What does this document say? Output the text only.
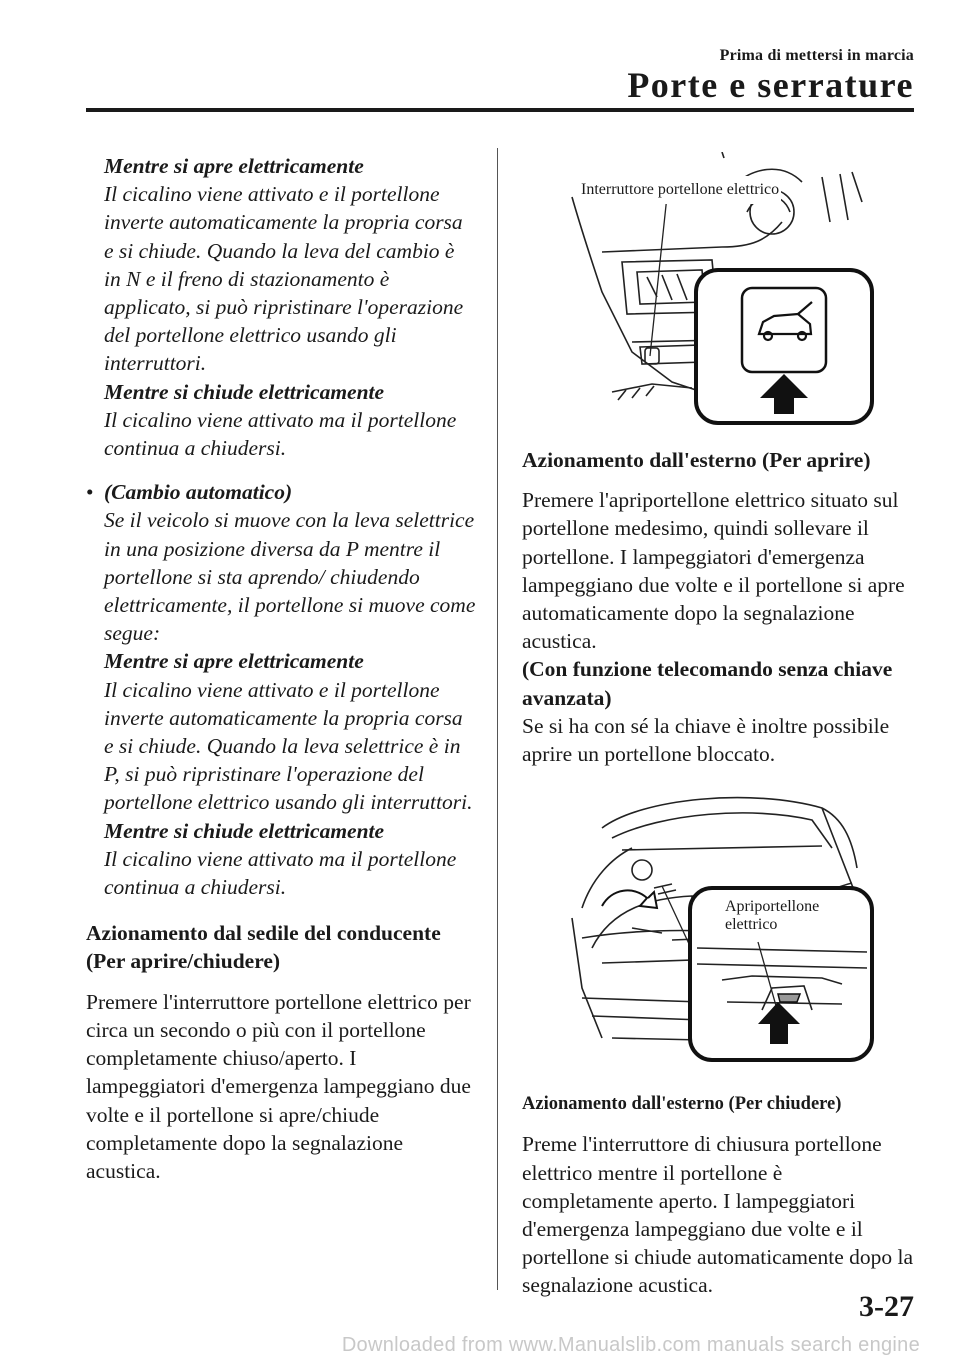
Prima di mettersi in marcia
Porte e serrature
Mentre si apre elettricamente
Il cicalino viene attivato e il portellone inverte automaticamente la propria corsa e si chiude. Quando la leva del cambio è in N e il freno di stazionamento è applicato, si può ripristinare l'operazione del portellone elettrico usando gli interruttori.
Mentre si chiude elettricamente
Il cicalino viene attivato ma il portellone continua a chiudersi.
• (Cambio automatico)
Se il veicolo si muove con la leva selettrice in una posizione diversa da P mentre il portellone si sta aprendo/ chiudendo elettricamente, il portellone si muove come segue:
Mentre si apre elettricamente
Il cicalino viene attivato e il portellone inverte automaticamente la propria corsa e si chiude. Quando la leva selettrice è in P, si può ripristinare l'operazione del portellone elettrico usando gli interruttori.
Mentre si chiude elettricamente
Il cicalino viene attivato ma il portellone continua a chiudersi.
Azionamento dal sedile del conducente (Per aprire/chiudere)
Premere l'interruttore portellone elettrico per circa un secondo o più con il portellone completamente chiuso/aperto. I lampeggiatori d'emergenza lampeggiano due volte e il portellone si apre/chiude completamente dopo la segnalazione acustica.
Interruttore portellone elettrico
Azionamento dall'esterno (Per aprire)
Premere l'apriportellone elettrico situato sul portellone medesimo, quindi sollevare il portellone. I lampeggiatori d'emergenza lampeggiano due volte e il portellone si apre automaticamente dopo la segnalazione acustica.
(Con funzione telecomando senza chiave avanzata)
Se si ha con sé la chiave è inoltre possibile aprire un portellone bloccato.
Apriportellone
elettrico
Azionamento dall'esterno (Per chiudere)
Preme l'interruttore di chiusura portellone elettrico mentre il portellone è completamente aperto. I lampeggiatori d'emergenza lampeggiano due volte e il portellone si chiude automaticamente dopo la segnalazione acustica.
3-27
Downloaded from www.Manualslib.com manuals search engine
